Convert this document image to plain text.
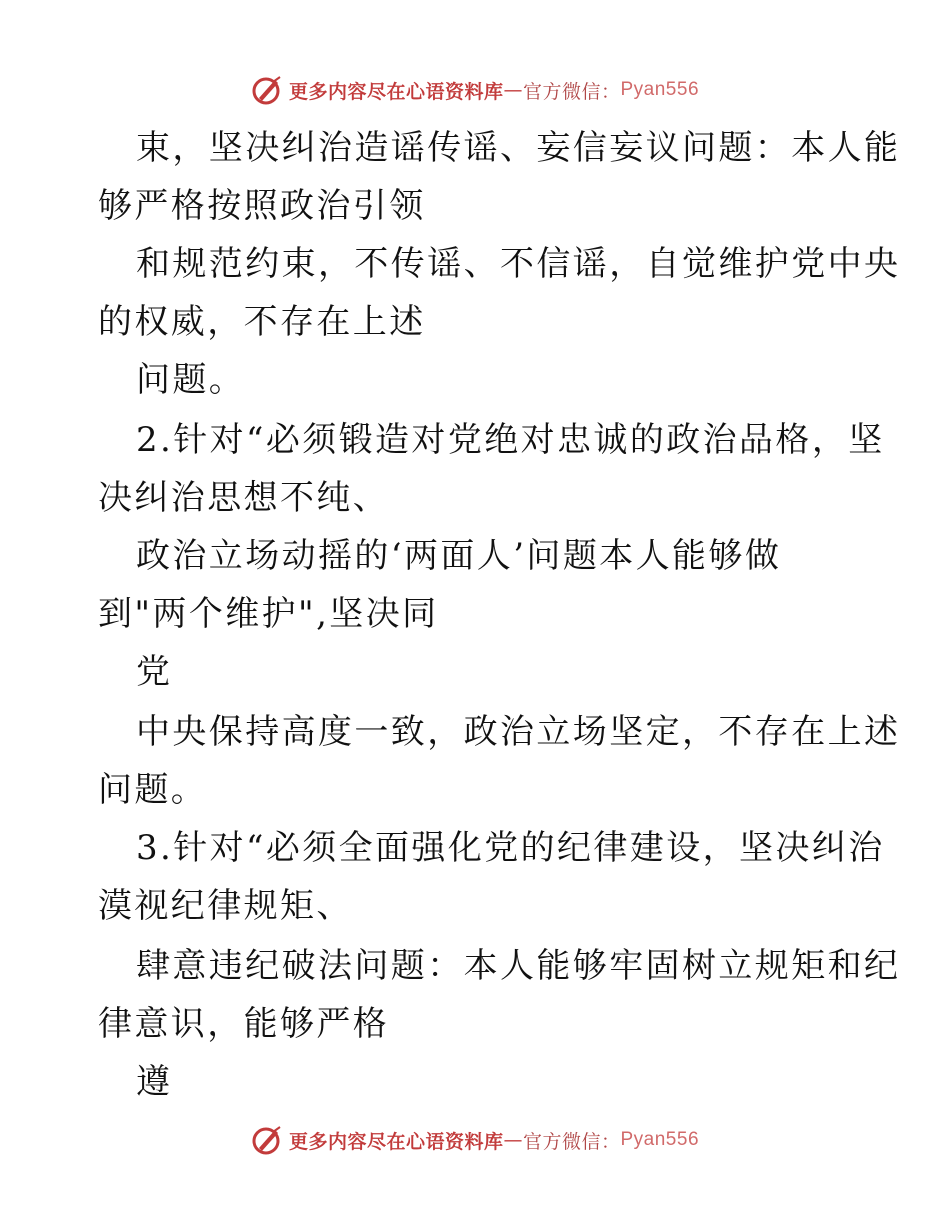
更多内容尽在心语资料库 — 官方微信： Pyan556
束，坚决纠治造谣传谣、妄信妄议问题：本人能
够严格按照政治引领
和规范约束，不传谣、不信谣，自觉维护党中央
的权威，不存在上述
问题。
2.针对“必须锻造对党绝对忠诚的政治品格，坚
决纠治思想不纯、
政治立场动摇的‘两面人’问题本人能够做
到"两个维护",坚决同
党
中央保持高度一致，政治立场坚定，不存在上述
问题。
3.针对“必须全面强化党的纪律建设，坚决纠治
漠视纪律规矩、
肆意违纪破法问题：本人能够牢固树立规矩和纪
律意识，能够严格
遵
更多内容尽在心语资料库 — 官方微信： Pyan556
